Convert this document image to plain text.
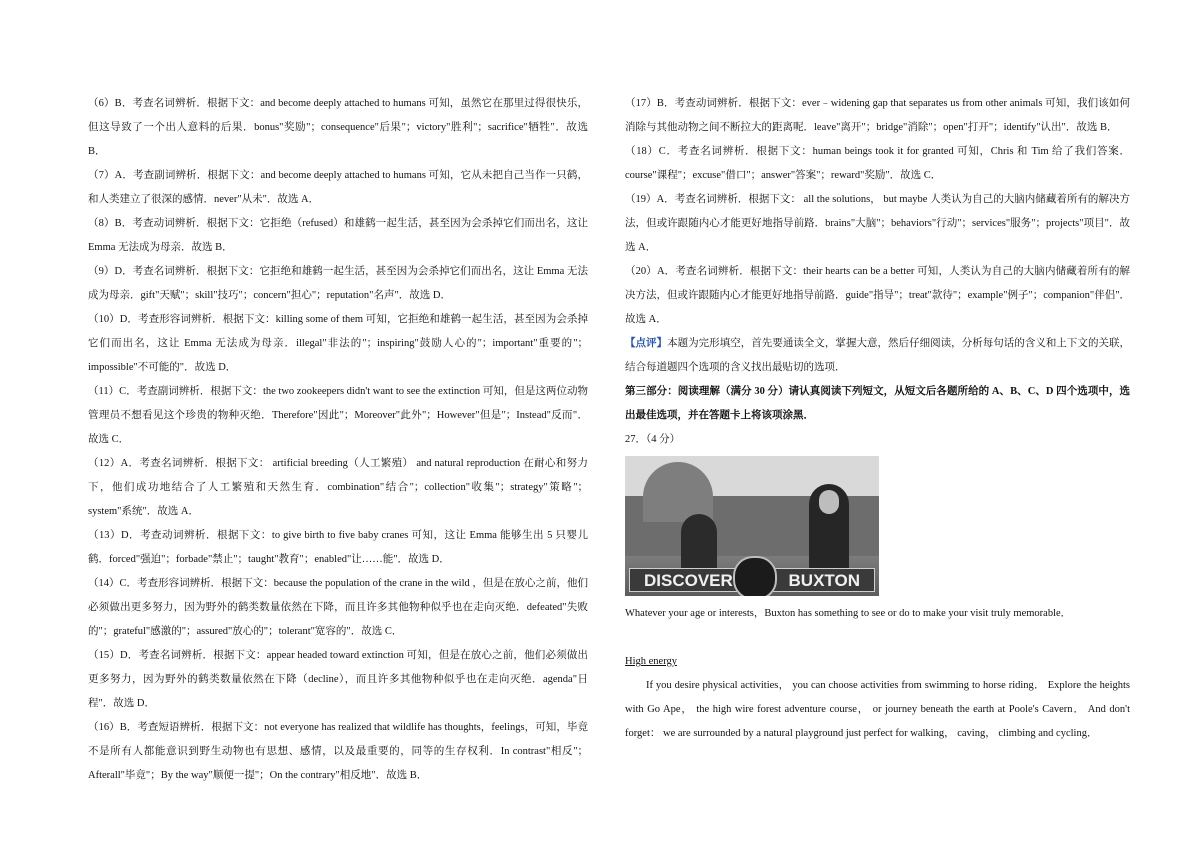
（6）B．考查名词辨析．根据下文：and become deeply attached to humans 可知，虽然它在那里过得很快乐，但这导致了一个出人意料的后果．bonus"奖励"；consequence"后果"；victory"胜利"；sacrifice"牺牲"．故选 B．

（7）A．考查副词辨析．根据下文：and become deeply attached to humans 可知，它从未把自己当作一只鹤，和人类建立了很深的感情．never"从未"．故选 A．

（8）B．考查动词辨析．根据下文：它拒绝（refused）和雄鹤一起生活，甚至因为会杀掉它们而出名，这让 Emma 无法成为母亲．故选 B．

（9）D．考查名词辨析．根据下文：它拒绝和雄鹤一起生活，甚至因为会杀掉它们而出名，这让 Emma 无法成为母亲．gift"天赋"；skill"技巧"；concern"担心"；reputation"名声"．故选 D．

（10）D．考查形容词辨析．根据下文：killing some of them 可知，它拒绝和雄鹤一起生活，甚至因为会杀掉它们而出名，这让 Emma 无法成为母亲．illegal"非法的"；inspiring"鼓励人心的"；important"重要的"；impossible"不可能的"．故选 D．

（11）C．考查副词辨析．根据下文：the two zookeepers didn't want to see the extinction 可知，但是这两位动物管理员不想看见这个珍贵的物种灭绝．Therefore"因此"；Moreover"此外"；However"但是"；Instead"反而"．故选 C．

（12）A．考查名词辨析．根据下文： artificial breeding（人工繁殖） and natural reproduction 在耐心和努力下，他们成功地结合了人工繁殖和天然生育．combination"结合"；collection"收集"；strategy"策略"；system"系统"．故选 A．

（13）D．考查动词辨析．根据下文：to give birth to five baby cranes 可知，这让 Emma 能够生出 5 只婴儿鹤．forced"强迫"；forbade"禁止"；taught"教育"；enabled"让……能"．故选 D．

（14）C．考查形容词辨析．根据下文：because the population of the crane in the wild ，但是在放心之前，他们必须做出更多努力，因为野外的鹤类数量依然在下降，而且许多其他物种似乎也在走向灭绝．defeated"失败的"；grateful"感激的"；assured"放心的"；tolerant"宽容的"．故选 C．

（15）D．考查名词辨析．根据下文：appear headed toward extinction 可知，但是在放心之前，他们必须做出更多努力，因为野外的鹤类数量依然在下降（decline），而且许多其他物种似乎也在走向灭绝．agenda"日程"．故选 D．

（16）B．考查短语辨析．根据下文：not everyone has realized that wildlife has thoughts，feelings，可知，毕竟不是所有人都能意识到野生动物也有思想、感情，以及最重要的，同等的生存权利．In contrast"相反"；Afterall"毕竟"；By the way"顺便一提"；On the contrary"相反地"．故选 B．

（17）B．考查动词辨析．根据下文：ever﹣widening gap that separates us from other animals 可知，我们该如何消除与其他动物之间不断拉大的距离呢．leave"离开"；bridge"消除"；open"打开"；identify"认出"．故选 B．

（18）C．考查名词辨析．根据下文：human beings took it for granted 可知，Chris 和 Tim 给了我们答案．course"课程"；excuse"借口"；answer"答案"；reward"奖励"．故选 C．

（19）A．考查名词辨析．根据下文： all the solutions， but maybe 人类认为自己的大脑内储藏着所有的解决方法，但或许跟随内心才能更好地指导前路．brains"大脑"；behaviors"行动"；services"服务"；projects"项目"．故选 A．

（20）A．考查名词辨析．根据下文：their hearts can be a better 可知，人类认为自己的大脑内储藏着所有的解决方法，但或许跟随内心才能更好地指导前路．guide"指导"；treat"款待"；example"例子"；companion"伴侣"．故选 A．

【点评】本题为完形填空，首先要通读全文，掌握大意，然后仔细阅读，分析每句话的含义和上下文的关联，结合每道题四个选项的含义找出最贴切的选项．

第三部分：阅读理解（满分 30 分）请认真阅读下列短文，从短文后各题所给的 A、B、C、D 四个选项中，选出最佳选项，并在答题卡上将该项涂黑．

27．（4 分）

DISCOVER	BUXTON

Whatever your age or interests，Buxton has something to see or do to make your visit truly memorable．

High energy

If you desire physical activities， you can choose activities from swimming to horse riding． Explore the heights with Go Ape， the high wire forest adventure course， or journey beneath the earth at Poole's Cavern． And don't forget： we are surrounded by a natural playground just perfect for walking， caving， climbing and cycling．
